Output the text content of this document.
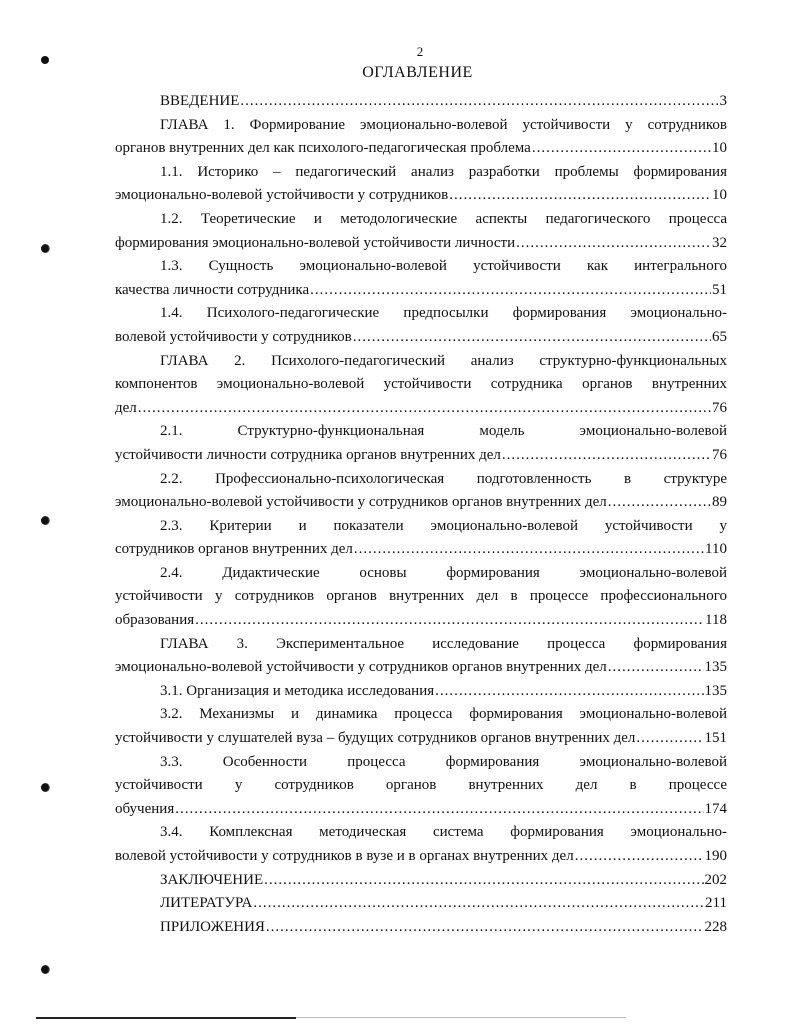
2
ОГЛАВЛЕНИЕ
ВВЕДЕНИЕ .....	3
ГЛАВА 1. Формирование эмоционально-волевой устойчивости у сотрудников
органов внутренних дел как психолого-педагогическая проблема .....	10
1.1. Историко – педагогический анализ разработки проблемы формирования
эмоционально-волевой устойчивости у сотрудников .....	10
1.2. Теоретические и методологические аспекты педагогического процесса
формирования эмоционально-волевой устойчивости личности .....	32
1.3. Сущность эмоционально-волевой устойчивости как интегрального
качества личности сотрудника .....	51
1.4. Психолого-педагогические предпосылки формирования эмоционально-
волевой устойчивости у сотрудников .....	65
ГЛАВА 2. Психолого-педагогический анализ структурно-функциональных
компонентов эмоционально-волевой устойчивости сотрудника органов внутренних
дел .....	76
2.1. Структурно-функциональная модель эмоционально-волевой
устойчивости личности сотрудника органов внутренних дел .....	76
2.2. Профессионально-психологическая подготовленность в структуре
эмоционально-волевой устойчивости у сотрудников органов внутренних дел .....	89
2.3. Критерии и показатели эмоционально-волевой устойчивости у
сотрудников органов внутренних дел .....	110
2.4. Дидактические основы формирования эмоционально-волевой
устойчивости у сотрудников органов внутренних дел в процессе профессионального
образования .....	118
ГЛАВА 3. Экспериментальное исследование процесса формирования
эмоционально-волевой устойчивости у сотрудников органов внутренних дел .....	135
3.1. Организация и методика исследования .....	135
3.2. Механизмы и динамика процесса формирования эмоционально-волевой
устойчивости у слушателей вуза – будущих сотрудников органов внутренних дел .....	151
3.3. Особенности процесса формирования эмоционально-волевой
устойчивости у сотрудников органов внутренних дел в процессе
обучения .....	174
3.4. Комплексная методическая система формирования эмоционально-
волевой устойчивости у сотрудников в вузе и в органах внутренних дел .....	190
ЗАКЛЮЧЕНИЕ .....	202
ЛИТЕРАТУРА .....	211
ПРИЛОЖЕНИЯ .....	228
